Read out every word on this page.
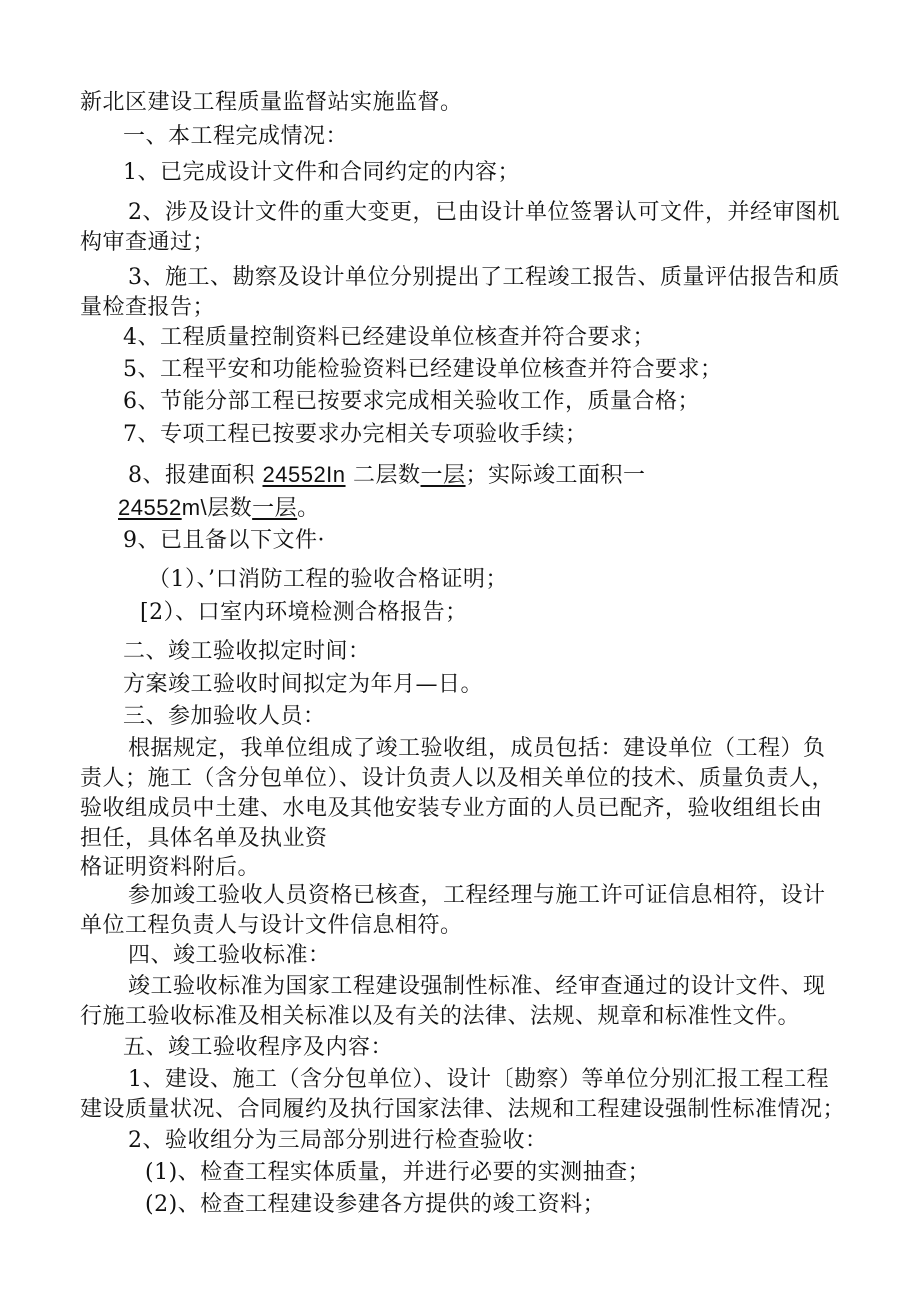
新北区建设工程质量监督站实施监督。
一、本工程完成情况：
1、已完成设计文件和合同约定的内容；
2、涉及设计文件的重大变更，已由设计单位签署认可文件，并经审图机
构审查通过；
3、施工、勘察及设计单位分别提出了工程竣工报告、质量评估报告和质
量检查报告；
4、工程质量控制资料已经建设单位核查并符合要求；
5、工程平安和功能检验资料已经建设单位核查并符合要求；
6、节能分部工程已按要求完成相关验收工作，质量合格；
7、专项工程已按要求办完相关专项验收手续；
8、报建面积 24552In 二层数一层；实际竣工面积一
24552m\层数一层。
9、已且备以下文件·
（1）、’口消防工程的验收合格证明；
[2）、口室内环境检测合格报告；
二、竣工验收拟定时间：
方案竣工验收时间拟定为年月—日。
三、参加验收人员：
根据规定，我单位组成了竣工验收组，成员包括：建设单位（工程）负
责人；施工（含分包单位）、设计负责人以及相关单位的技术、质量负责人，
验收组成员中土建、水电及其他安装专业方面的人员已配齐，验收组组长由
担任，具体名单及执业资
格证明资料附后。
参加竣工验收人员资格已核查，工程经理与施工许可证信息相符，设计
单位工程负责人与设计文件信息相符。
四、竣工验收标准：
竣工验收标准为国家工程建设强制性标准、经审查通过的设计文件、现
行施工验收标准及相关标准以及有关的法律、法规、规章和标准性文件。
五、竣工验收程序及内容：
1、建设、施工（含分包单位）、设计〔勘察）等单位分别汇报工程工程
建设质量状况、合同履约及执行国家法律、法规和工程建设强制性标准情况；
2、验收组分为三局部分别进行检查验收：
(1)、检查工程实体质量，并进行必要的实测抽查；
(2)、检查工程建设参建各方提供的竣工资料；
